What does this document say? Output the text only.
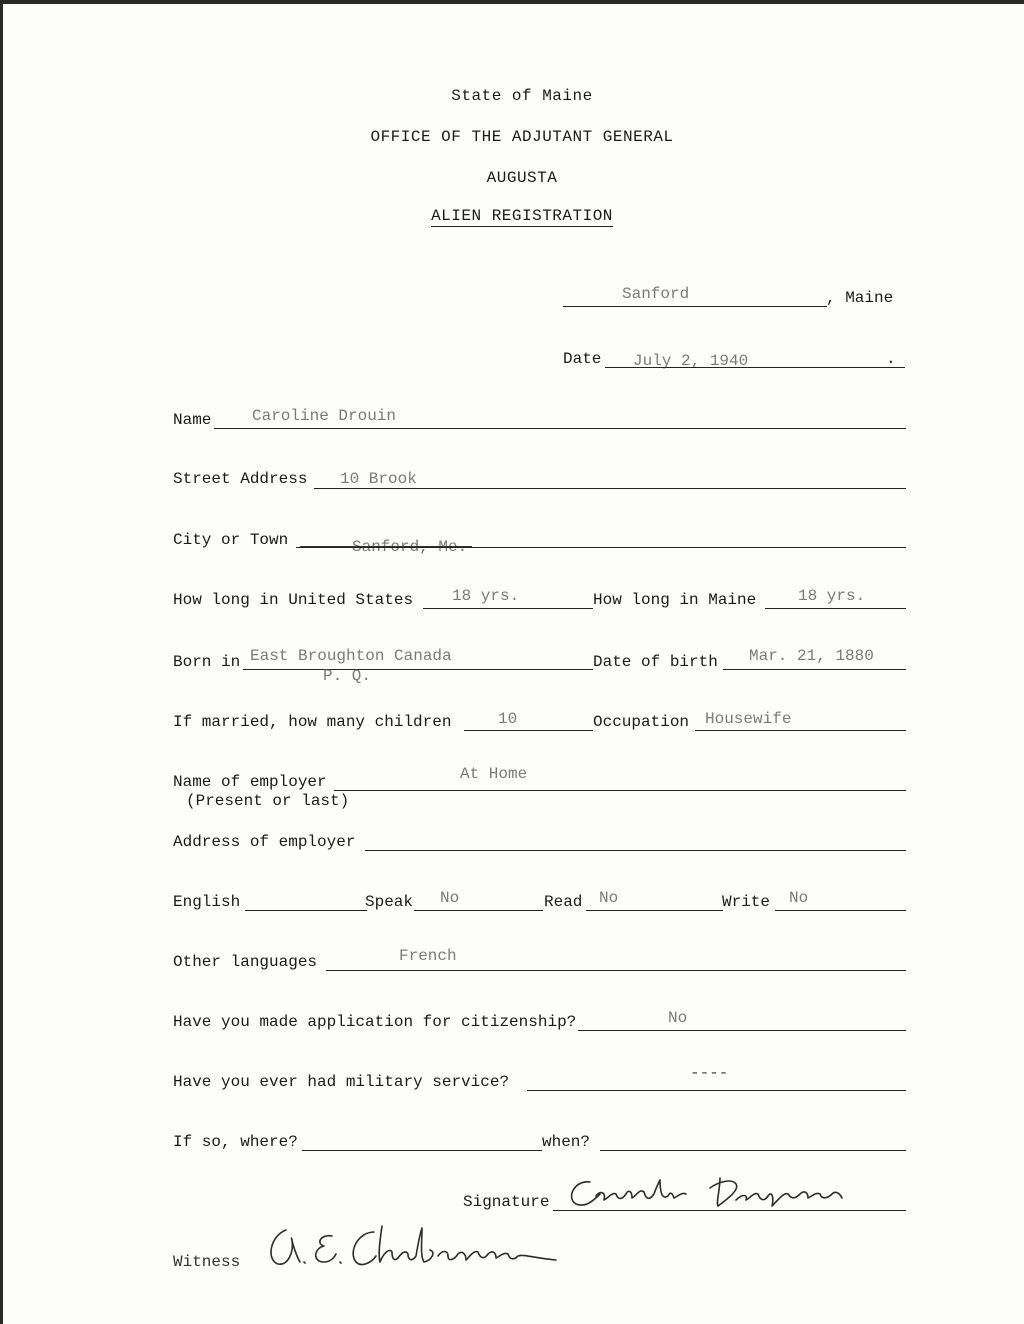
State of Maine
OFFICE OF THE ADJUTANT GENERAL
AUGUSTA
ALIEN REGISTRATION
Sanford	, Maine
Date July 2, 1940	.
Name	Caroline Drouin
Street Address 10 Brook
City or Town	Sanford, Me.
How long in United States 18 yrs.	How long in Maine	18 yrs.
Born in East Broughton Canada
P. Q.
Date of birth Mar. 21, 1880
If married, how many children	10	Occupation Housewife
Name of employer	At Home
(Present or last)
Address of employer
English	Speak No	Read No	Write No
Other languages	French
Have you made application for citizenship?	No
Have you ever had military service?	----
If so, where?	when?
Signature
Witness
